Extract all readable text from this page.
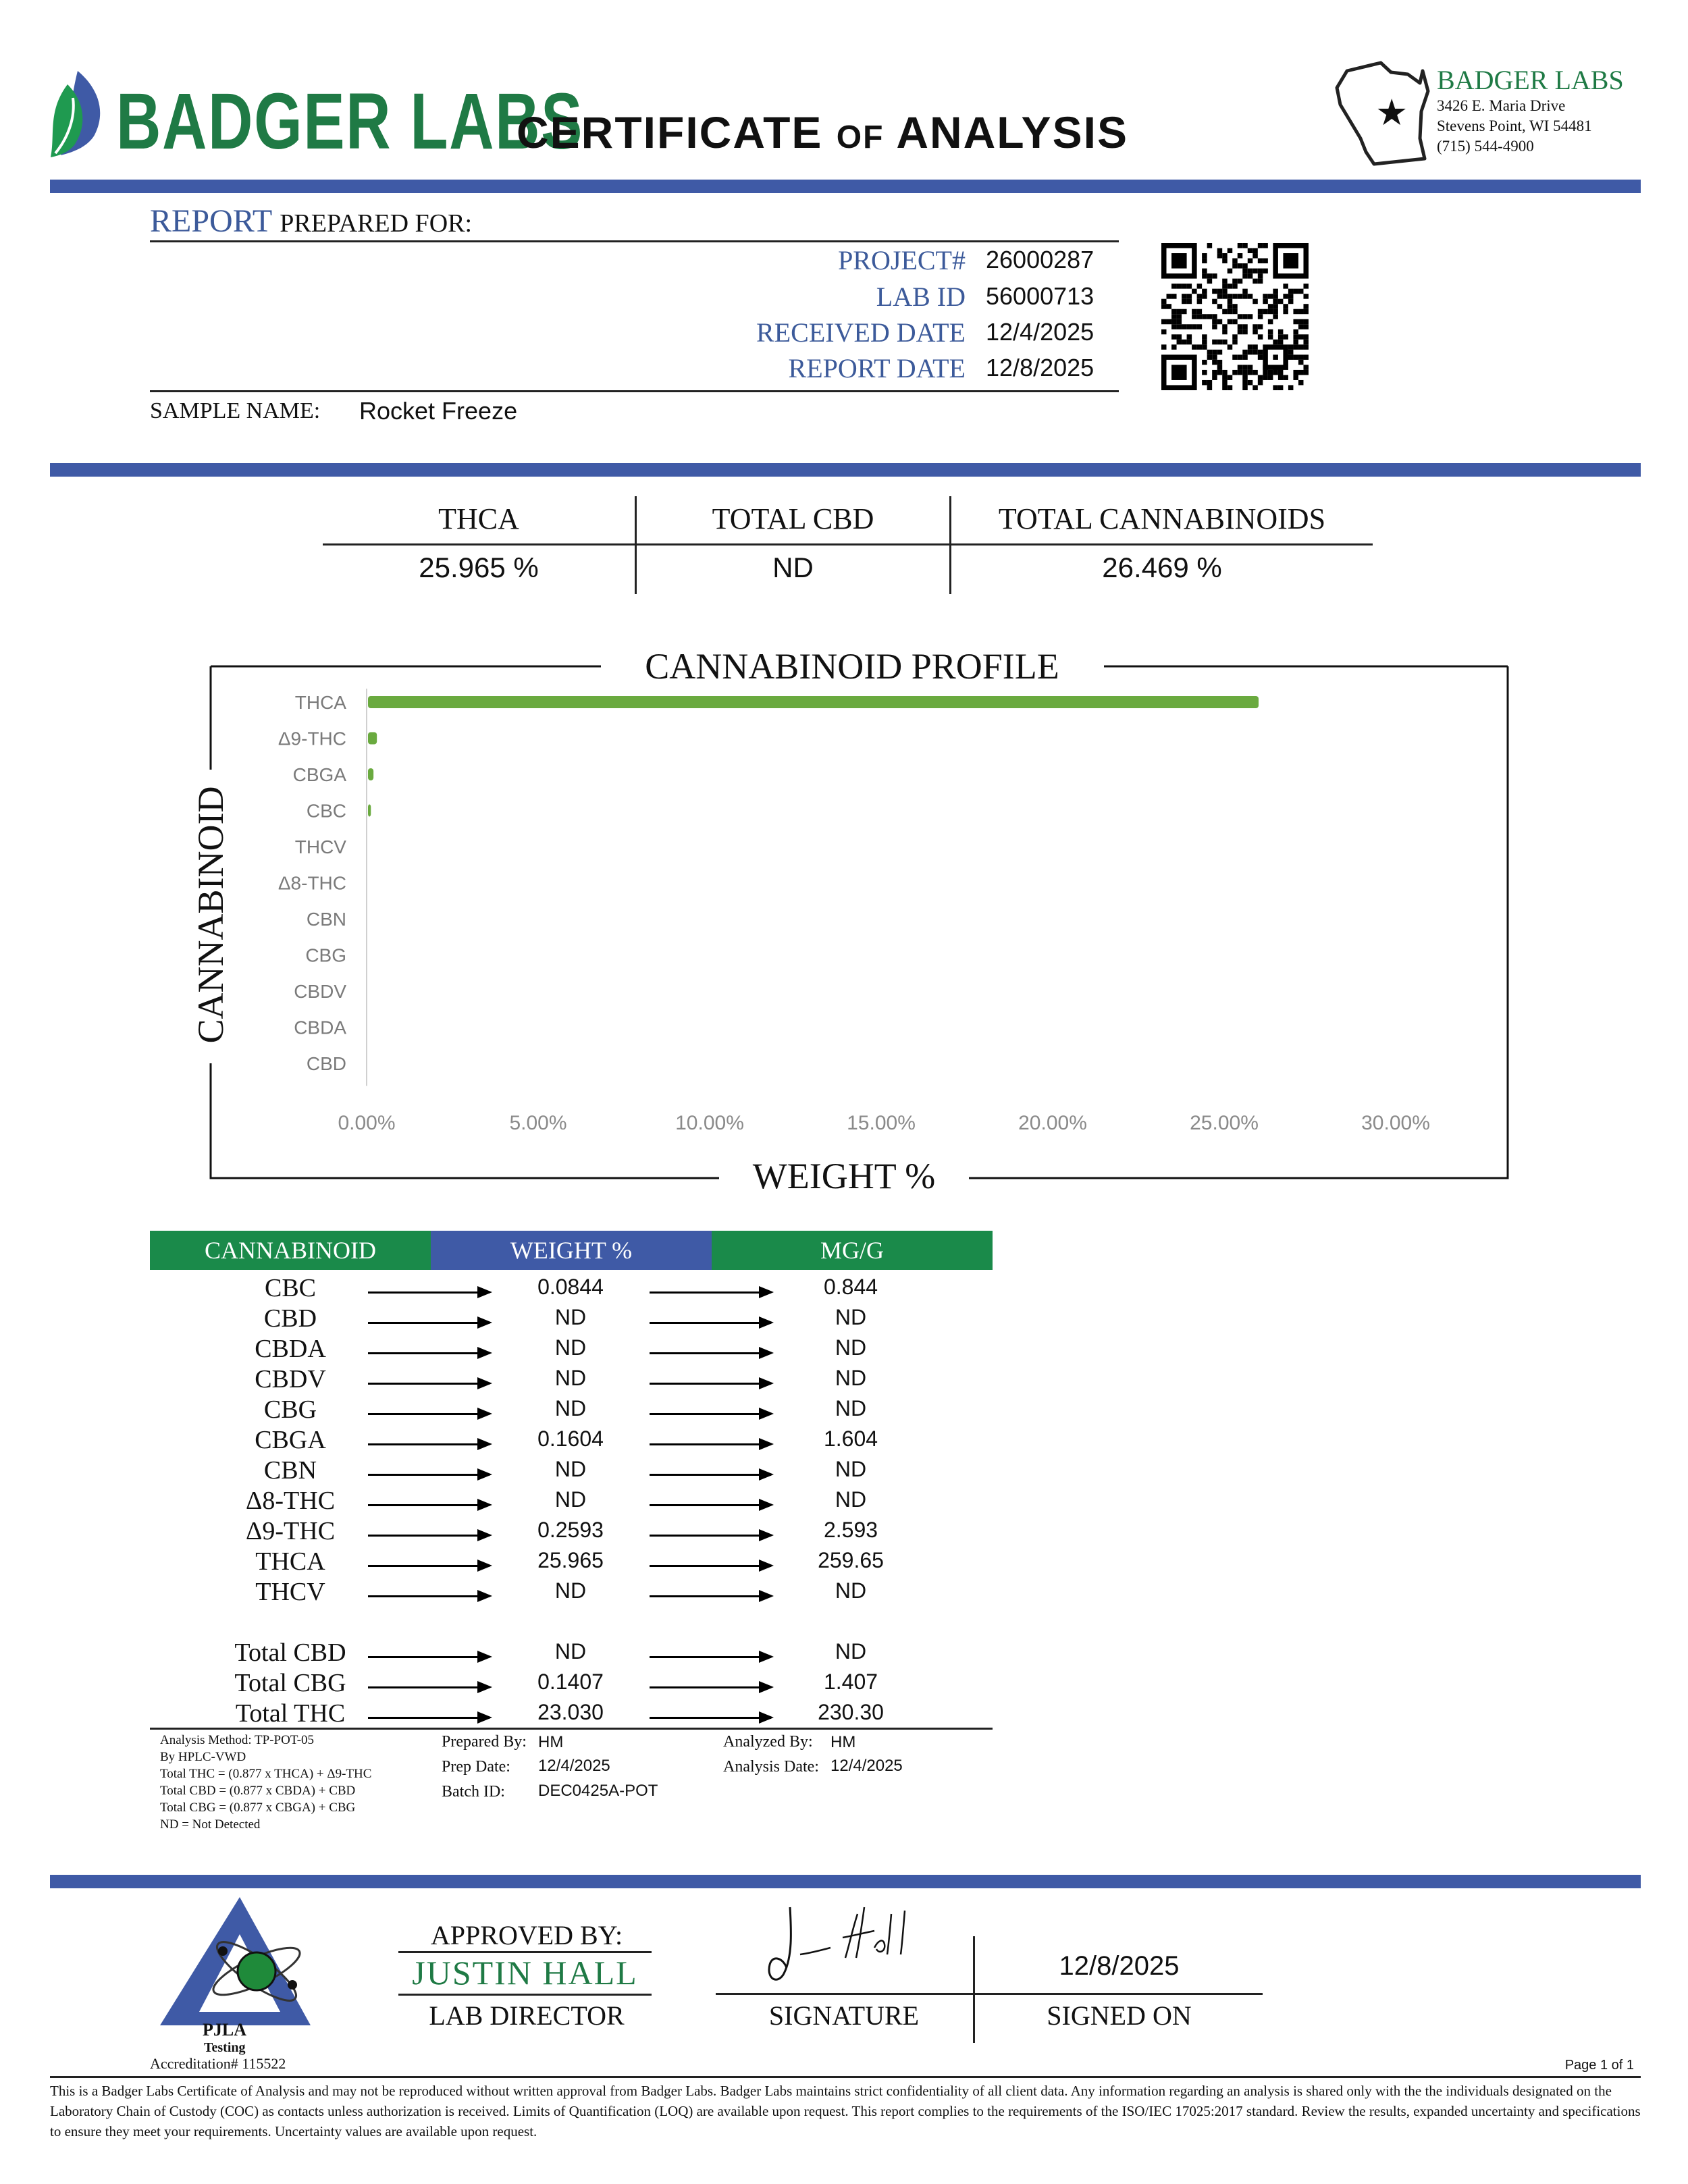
BADGER LABS
CERTIFICATE OF ANALYSIS	★
BADGER LABS
3426 E. Maria Drive
Stevens Point, WI 54481
(715) 544-4900
REPORT PREPARED FOR:
PROJECT# 26000287
LAB ID 56000713
RECEIVED DATE 12/4/2025
REPORT DATE 12/8/2025
SAMPLE NAME: Rocket Freeze
THCA
25.965 %
TOTAL CBD
ND
TOTAL CANNABINOIDS
26.469 %
CANNABINOID PROFILE
WEIGHT %
CANNABINOID
THCA
Δ9-THC
CBGA
CBC
THCV
Δ8-THC
CBN
CBG
CBDV
CBDA
CBD
0.00%	5.00%	10.00%	15.00%	20.00%	25.00%	30.00%
CANNABINOID	WEIGHT %	MG/G
CBC	0.0844	0.844
CBD	ND	ND
CBDA	ND	ND
CBDV	ND	ND
CBG	ND	ND
CBGA	0.1604	1.604
CBN	ND	ND
Δ8-THC	ND	ND
Δ9-THC	0.2593	2.593
THCA	25.965	259.65
THCV	ND	ND
Total CBD	ND	ND
Total CBG	0.1407	1.407
Total THC	23.030	230.30
Analysis Method: TP-POT-05
By HPLC-VWD
Total THC = (0.877 x THCA) + Δ9-THC
Total CBD = (0.877 x CBDA) + CBD
Total CBG = (0.877 x CBGA) + CBG
ND = Not Detected
Prepared By: HM
Prep Date: 12/4/2025
Batch ID: DEC0425A-POT
Analyzed By: HM
Analysis Date: 12/4/2025
PJLA
Testing
Accreditation# 115522
APPROVED BY:
JUSTIN HALL
LAB DIRECTOR	SIGNATURE
12/8/2025
SIGNED ON
Page 1 of 1
This is a Badger Labs Certificate of Analysis and may not be reproduced without written approval from Badger Labs. Badger Labs maintains strict confidentiality of all client data. Any information regarding an analysis is shared only with the the individuals designated on the Laboratory Chain of Custody (COC) as contacts unless authorization is received. Limits of Quantification (LOQ) are available upon request. This report complies to the requirements of the ISO/IEC 17025:2017 standard. Review the results, expanded uncertainty and specifications to ensure they meet your requirements. Uncertainty values are available upon request.
